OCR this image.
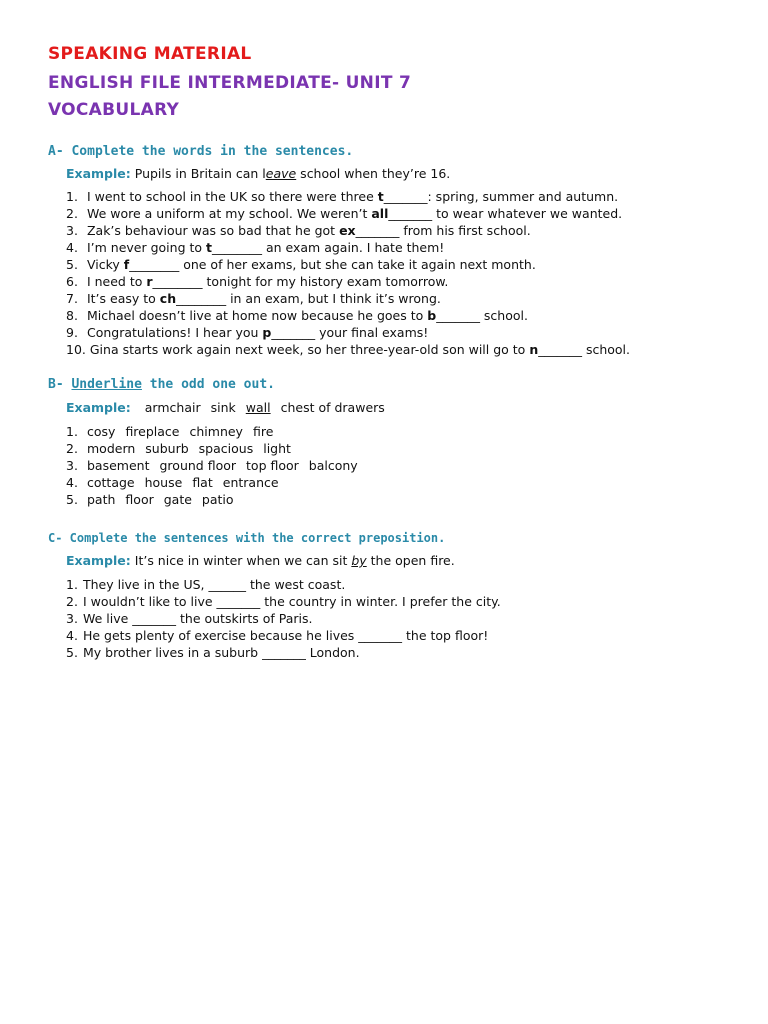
SPEAKING MATERIAL
ENGLISH FILE INTERMEDIATE- UNIT 7
VOCABULARY
A- Complete the words in the sentences.
Example: Pupils in Britain can leave school when they’re 16.
1. I went to school in the UK so there were three t_______: spring, summer and autumn.
2. We wore a uniform at my school. We weren’t all_______ to wear whatever we wanted.
3. Zak’s behaviour was so bad that he got ex_______ from his first school.
4. I’m never going to t________ an exam again. I hate them!
5. Vicky f________ one of her exams, but she can take it again next month.
6. I need to r________ tonight for my history exam tomorrow.
7. It’s easy to ch________ in an exam, but I think it’s wrong.
8. Michael doesn’t live at home now because he goes to b_______ school.
9. Congratulations! I hear you p_______ your final exams!
10. Gina starts work again next week, so her three-year-old son will go to n_______ school.
B- Underline the odd one out.
Example: armchair sink wall chest of drawers
1. cosy fireplace chimney fire
2. modern suburb spacious light
3. basement ground floor top floor balcony
4. cottage house flat entrance
5. path floor gate patio
C- Complete the sentences with the correct preposition.
Example: It’s nice in winter when we can sit by the open fire.
1. They live in the US, ______ the west coast.
2. I wouldn’t like to live _______ the country in winter. I prefer the city.
3. We live _______ the outskirts of Paris.
4. He gets plenty of exercise because he lives _______ the top floor!
5. My brother lives in a suburb _______ London.
